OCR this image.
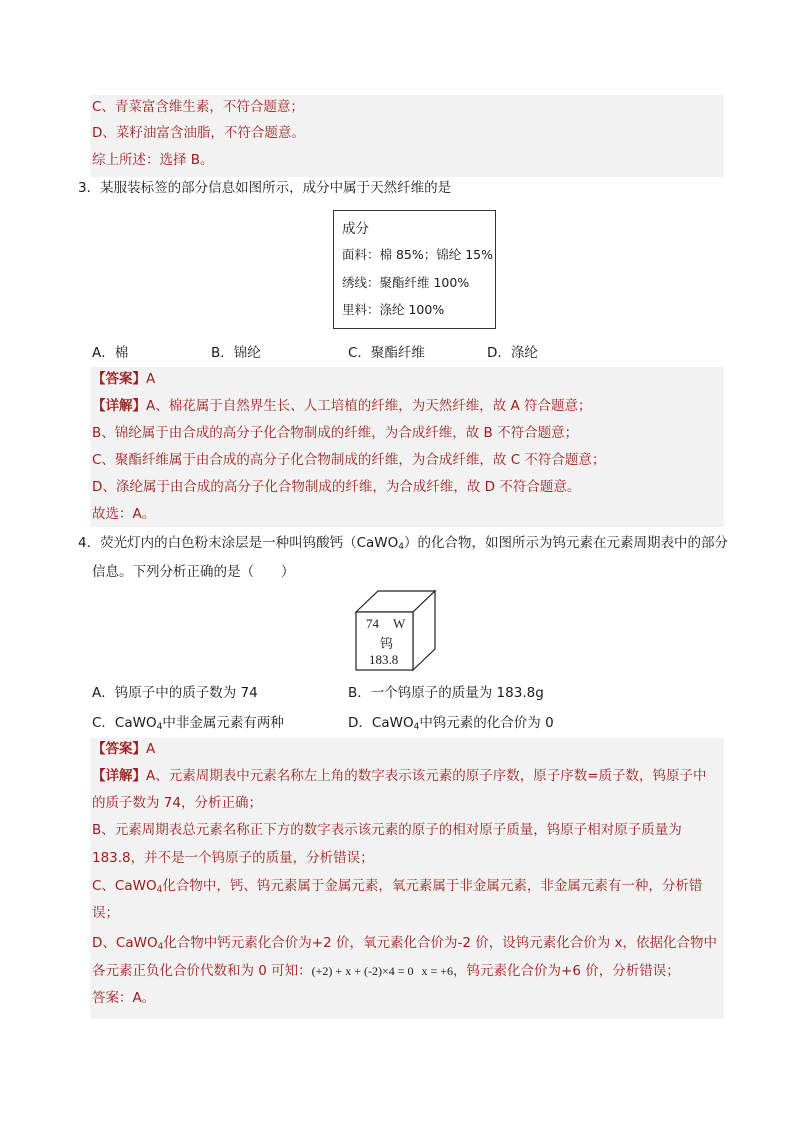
C、青菜富含维生素，不符合题意；
D、菜籽油富含油脂，不符合题意。
综上所述：选择 B。
3．某服装标签的部分信息如图所示，成分中属于天然纤维的是
成分
面料：棉 85%；锦纶 15%
绣线：聚酯纤维 100%
里料：涤纶 100%
A．棉	B．锦纶	C．聚酯纤维	D．涤纶
【答案】A
【详解】A、棉花属于自然界生长、人工培植的纤维，为天然纤维，故 A 符合题意；
B、锦纶属于由合成的高分子化合物制成的纤维，为合成纤维，故 B 不符合题意；
C、聚酯纤维属于由合成的高分子化合物制成的纤维，为合成纤维，故 C 不符合题意；
D、涤纶属于由合成的高分子化合物制成的纤维，为合成纤维，故 D 不符合题意。
故选：A。
4．荧光灯内的白色粉末涂层是一种叫钨酸钙（CaWO$_4$）的化合物，如图所示为钨元素在元素周期表中的部分
信息。下列分析正确的是（　　）
74 W
钨
183.8
A．钨原子中的质子数为 74	B．一个钨原子的质量为 183.8g
C．CaWO$_4$中非金属元素有两种	D．CaWO$_4$中钨元素的化合价为 0
【答案】A
【详解】A、元素周期表中元素名称左上角的数字表示该元素的原子序数，原子序数=质子数，钨原子中
的质子数为 74，分析正确；
B、元素周期表总元素名称正下方的数字表示该元素的原子的相对原子质量，钨原子相对原子质量为
183.8，并不是一个钨原子的质量，分析错误；
C、CaWO$_4$化合物中，钙、钨元素属于金属元素，氧元素属于非金属元素，非金属元素有一种，分析错
误；
D、CaWO$_4$化合物中钙元素化合价为+2 价，氧元素化合价为-2 价，设钨元素化合价为 x，依据化合物中
各元素正负化合价代数和为 0 可知：(+2) + x + (-2)×4 = 0 x = +6，钨元素化合价为+6 价，分析错误；
答案：A。
